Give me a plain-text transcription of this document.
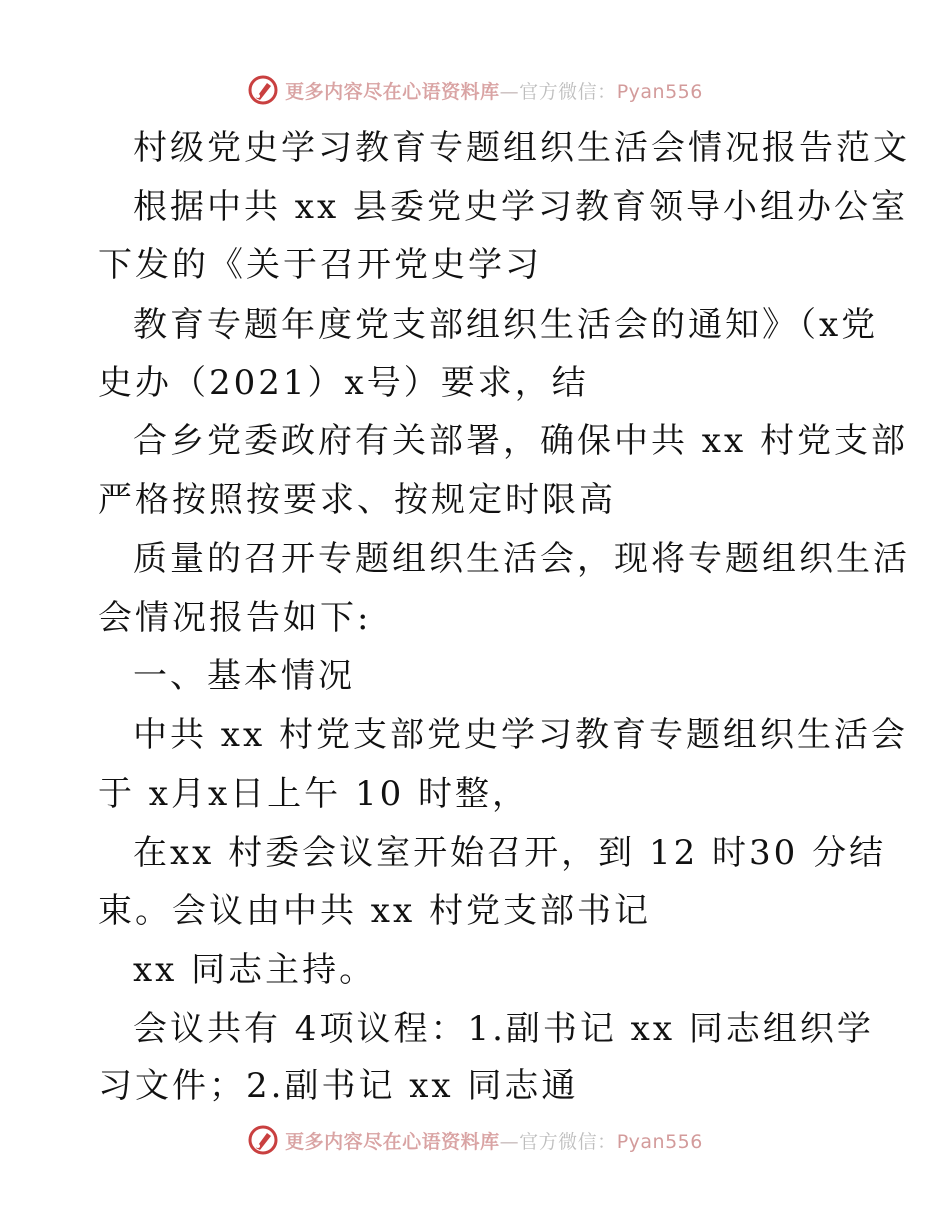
更多内容尽在心语资料库—官方微信：Pyan556
村级党史学习教育专题组织生活会情况报告范文
根据中共 xx 县委党史学习教育领导小组办公室
下发的《关于召开党史学习
教育专题年度党支部组织生活会的通知》（x党
史办（2021）x号）要求，结
合乡党委政府有关部署，确保中共 xx 村党支部
严格按照按要求、按规定时限高
质量的召开专题组织生活会，现将专题组织生活
会情况报告如下:
一、基本情况
中共 xx 村党支部党史学习教育专题组织生活会
于 x月x日上午 10 时整，
在xx 村委会议室开始召开，到 12 时30 分结
束。会议由中共 xx 村党支部书记
xx 同志主持。
会议共有 4项议程：1.副书记 xx 同志组织学
习文件；2.副书记 xx 同志通
更多内容尽在心语资料库—官方微信：Pyan556
